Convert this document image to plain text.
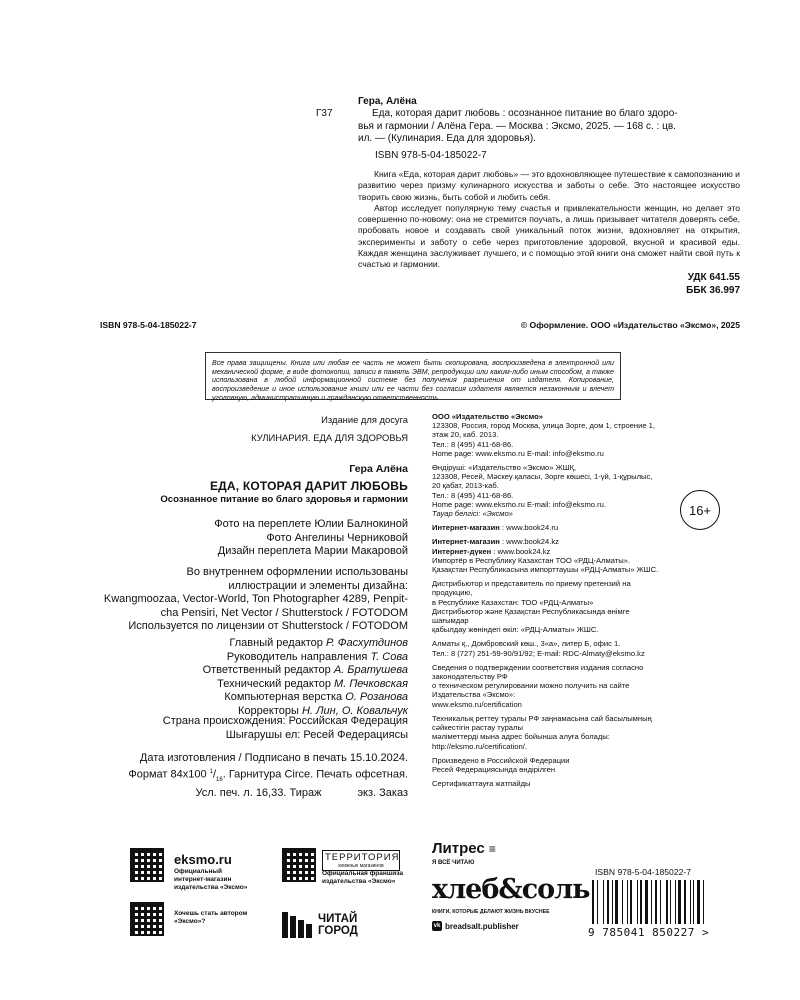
Гера, Алёна
Г37	Еда, которая дарит любовь : осознанное питание во благо здоро-
вья и гармонии / Алёна Гера. — Москва : Эксмо, 2025. — 168 с. : цв.
ил. — (Кулинария. Еда для здоровья).
ISBN 978-5-04-185022-7

Книга «Еда, которая дарит любовь» — это вдохновляющее путешествие к самопознанию и развитию через призму кулинарного искусства и заботы о себе. Это настоящее искусство творить свою жизнь, быть собой и любить себя.

Автор исследует популярную тему счастья и привлекательности женщин, но делает это совершенно по-новому: она не стремится поучать, а лишь призывает читателя доверять себе, пробовать новое и создавать свой уникальный поток жизни, вдохновляет на открытия, эксперименты и заботу о себе через приготовление здоровой, вкусной и красивой еды. Каждая женщина заслуживает лучшего, и с помощью этой книги она сможет найти свой путь к счастью и гармонии.

УДК 641.55
ББК 36.997
ISBN 978-5-04-185022-7	© Оформление. ООО «Издательство «Эксмо», 2025
Все права защищены. Книга или любая ее часть не может быть скопирована, воспроизведена в электронной или механической форме, в виде фотокопии, записи в память ЭВМ, репродукции или каким-либо иным способом, а также использована в любой информационной системе без получения разрешения от издателя. Копирование, воспроизведение и иное использование книги или ее части без согласия издателя является незаконным и влечет уголовную, административную и гражданскую ответственность.
Издание для досуга
КУЛИНАРИЯ. ЕДА ДЛЯ ЗДОРОВЬЯ
Гера Алёна
ЕДА, КОТОРАЯ ДАРИТ ЛЮБОВЬ
Осознанное питание во благо здоровья и гармонии
Фото на переплете Юлии Балнокиной
Фото Ангелины Черниковой
Дизайн переплета Марии Макаровой
Во внутреннем оформлении использованы
иллюстрации и элементы дизайна:
Kwangmoozaa, Vector-World, Ton Photographer 4289, Penpit-
cha Pensiri, Net Vector / Shutterstock / FOTODOM
Используется по лицензии от Shutterstock / FOTODOM
Главный редактор Р. Фасхутдинов
Руководитель направления Т. Сова
Ответственный редактор А. Братушева
Технический редактор М. Печковская
Компьютерная верстка О. Розанова
Корректоры Н. Лин, О. Ковальчук
Страна происхождения: Российская Федерация
Шығарушы ел: Ресей Федерациясы
Дата изготовления / Подписано в печать 15.10.2024.
Формат 84x100 $^1/_{16}$. Гарнитура Circe. Печать офсетная.
Усл. печ. л. 16,33. Тираж	экз. Заказ
ООО «Издательство «Эксмо»
123308, Россия, город Москва, улица Зорге, дом 1, строение 1,
этаж 20, каб. 2013.
Тел.: 8 (495) 411-68-86.
Home page: www.eksmo.ru E-mail: info@eksmo.ru
Өндіруші: «Издательство «Эксмо» ЖШҚ,
123308, Ресей, Мәскеу қаласы, Зорге көшесі, 1-үй, 1-құрылыс,
20 қабат, 2013-каб.
Тел.: 8 (495) 411-68-86.
Home page: www.eksmo.ru E-mail: info@eksmo.ru.
Тауар белгісі: «Эксмо»
Интернет-магазин : www.book24.ru
Интернет-магазин : www.book24.kz
Интернет-дүкен : www.book24.kz
Импортёр в Республику Казахстан ТОО «РДЦ-Алматы».
Қазақстан Республикасына импорттаушы «РДЦ-Алматы» ЖШС.
Дистрибьютор и представитель по приему претензий на
продукцию,
в Республике Казахстан: ТОО «РДЦ-Алматы»
Дистрибьютор және Қазақстан Республикасында өнімге
шағымдар
қабылдау жөніндегі өкіл: «РДЦ-Алматы» ЖШС.
Алматы қ., Домбровский көш., 3«а», литер Б, офис 1.
Тел.: 8 (727) 251-59-90/91/92; E-mail: RDC-Almaty@eksmo.kz
Сведения о подтверждении соответствия издания согласно
законодательству РФ
о техническом регулировании можно получить на сайте
Издательства «Эксмо»:
www.eksmo.ru/certification
Техникалық реттеу туралы РФ заңнамасына сай басылымның
сәйкестігін растау туралы
мәліметтерді мына адрес бойынша алуға болады:
http://eksmo.ru/certification/.
Произведено в Российской Федерации
Ресей Федерациясында өндірілген
Сертификаттауға жатпайды
16+
eksmo.ru
Официальный интернет-магазин издательства «Эксмо»
Хочешь стать автором «Эксмо»?
ТЕРРИТОРИЯ
книжных магазинов
Официальная франшиза издательства «Эксмо»
ЧИТАЙ
ГОРОД
Литрес ≡
Я ВСЁ ЧИТАЮ
хлеб&соль
КНИГИ, КОТОРЫЕ ДЕЛАЮТ ЖИЗНЬ ВКУСНЕЕ
vk breadsalt.publisher
ISBN 978-5-04-185022-7
9 785041 850227 >
